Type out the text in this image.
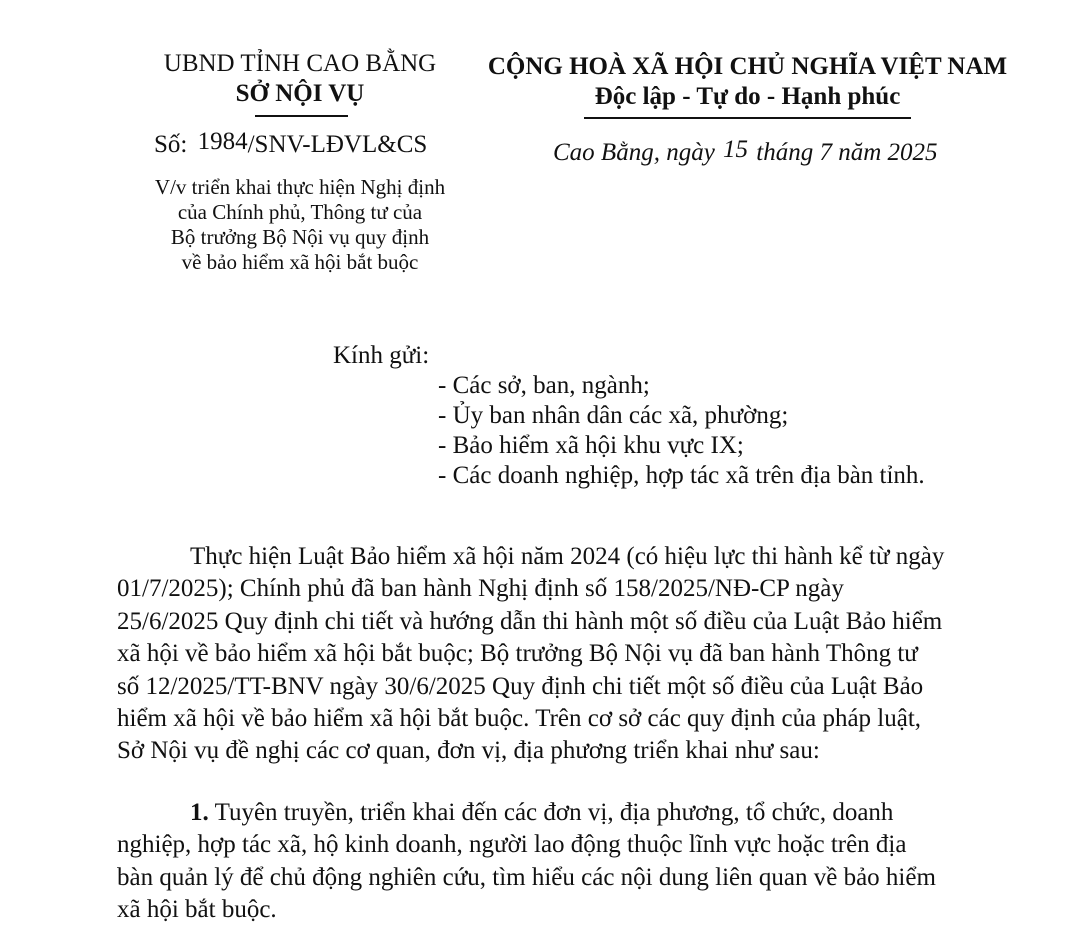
UBND TỈNH CAO BẰNG
SỞ NỘI VỤ
Số: 1984/SNV-LĐVL&CS
V/v triển khai thực hiện Nghị định
của Chính phủ, Thông tư của
Bộ trưởng Bộ Nội vụ quy định
về bảo hiểm xã hội bắt buộc
CỘNG HOÀ XÃ HỘI CHỦ NGHĨA VIỆT NAM
Độc lập - Tự do - Hạnh phúc
Cao Bằng, ngày 15 tháng 7 năm 2025
Kính gửi:
- Các sở, ban, ngành;
- Ủy ban nhân dân các xã, phường;
- Bảo hiểm xã hội khu vực IX;
- Các doanh nghiệp, hợp tác xã trên địa bàn tỉnh.
Thực hiện Luật Bảo hiểm xã hội năm 2024 (có hiệu lực thi hành kể từ ngày
01/7/2025); Chính phủ đã ban hành Nghị định số 158/2025/NĐ-CP ngày
25/6/2025 Quy định chi tiết và hướng dẫn thi hành một số điều của Luật Bảo hiểm
xã hội về bảo hiểm xã hội bắt buộc; Bộ trưởng Bộ Nội vụ đã ban hành Thông tư
số 12/2025/TT-BNV ngày 30/6/2025 Quy định chi tiết một số điều của Luật Bảo
hiểm xã hội về bảo hiểm xã hội bắt buộc. Trên cơ sở các quy định của pháp luật,
Sở Nội vụ đề nghị các cơ quan, đơn vị, địa phương triển khai như sau:
1. Tuyên truyền, triển khai đến các đơn vị, địa phương, tổ chức, doanh
nghiệp, hợp tác xã, hộ kinh doanh, người lao động thuộc lĩnh vực hoặc trên địa
bàn quản lý để chủ động nghiên cứu, tìm hiểu các nội dung liên quan về bảo hiểm
xã hội bắt buộc.
